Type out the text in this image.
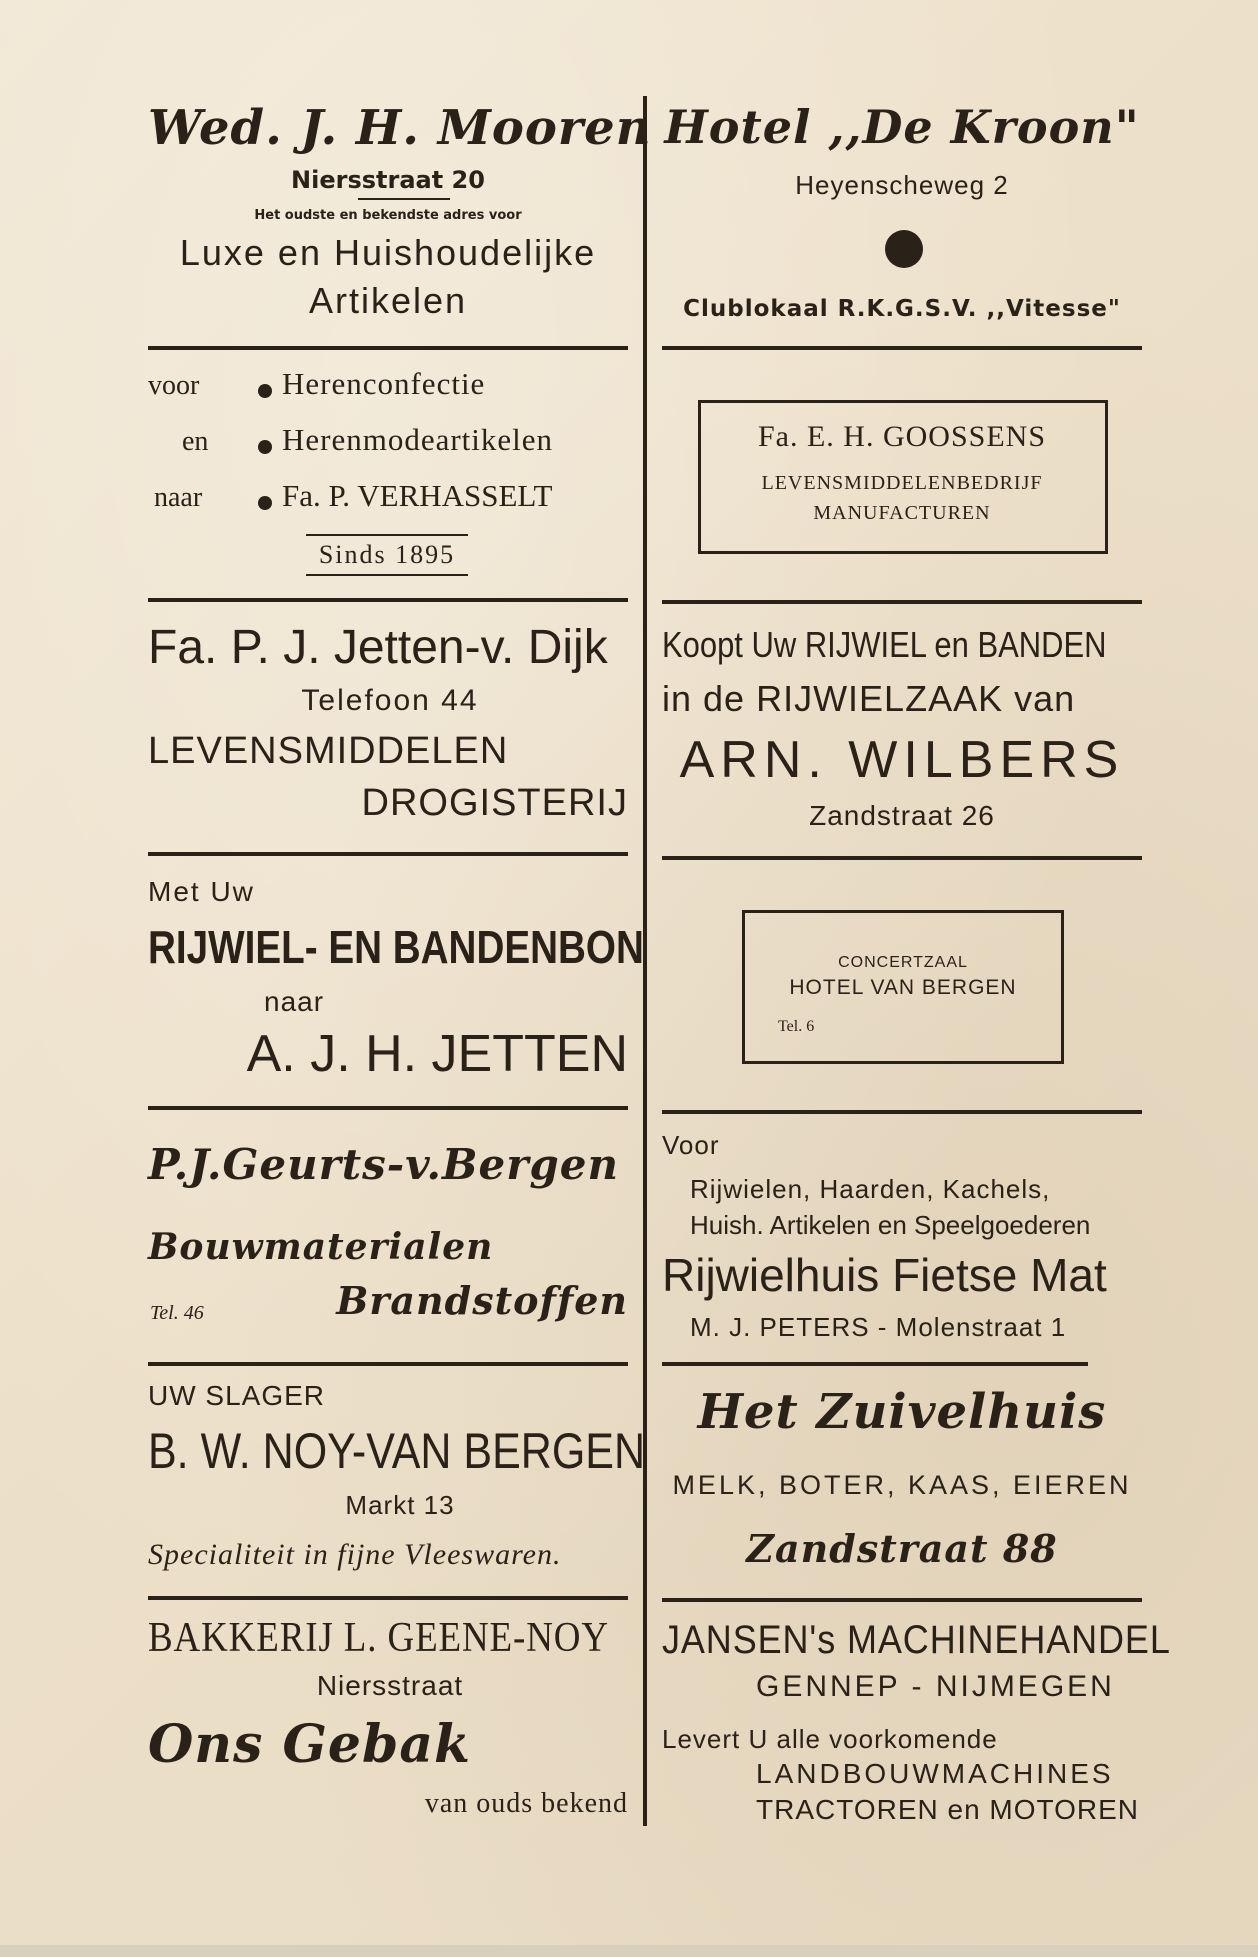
Wed. J. H. Mooren
Niersstraat 20
Het oudste en bekendste adres voor
Luxe en Huishoudelijke
Artikelen
voor
en
naar
Herenconfectie
Herenmodeartikelen
Fa. P. VERHASSELT
Sinds 1895
Fa. P. J. Jetten-v. Dijk
Telefoon 44
LEVENSMIDDELEN
DROGISTERIJ
Met Uw
RIJWIEL- EN BANDENBON
naar
A. J. H. JETTEN
P.J.Geurts-v.Bergen
Bouwmaterialen
Tel. 46	Brandstoffen
UW SLAGER
B. W. NOY-VAN BERGEN
Markt 13
Specialiteit in fijne Vleeswaren.
BAKKERIJ L. GEENE-NOY
Niersstraat
Ons Gebak
van ouds bekend
Hotel ,,De Kroon"
Heyenscheweg 2
Clublokaal R.K.G.S.V. ,,Vitesse"
Fa. E. H. GOOSSENS
LEVENSMIDDELENBEDRIJF
MANUFACTUREN
Koopt Uw RIJWIEL en BANDEN
in de RIJWIELZAAK van
ARN. WILBERS
Zandstraat 26
CONCERTZAAL
HOTEL VAN BERGEN
Tel. 6
Voor
Rijwielen, Haarden, Kachels,
Huish. Artikelen en Speelgoederen
Rijwielhuis Fietse Mat
M. J. PETERS - Molenstraat 1
Het Zuivelhuis
MELK, BOTER, KAAS, EIEREN
Zandstraat 88
JANSEN's MACHINEHANDEL
GENNEP - NIJMEGEN
Levert U alle voorkomende
LANDBOUWMACHINES
TRACTOREN en MOTOREN
